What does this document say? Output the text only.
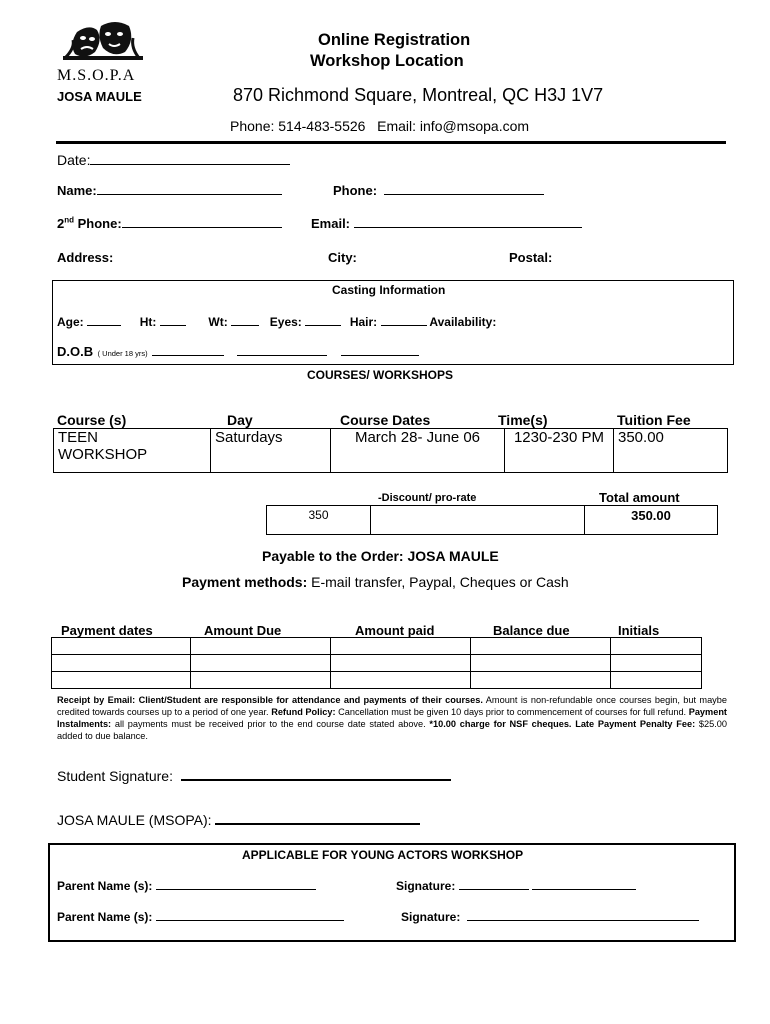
M.S.O.P.A
Online Registration
Workshop Location
JOSA MAULE	870 Richmond Square, Montreal, QC H3J 1V7
Phone: 514-483-5526   Email: info@msopa.com
Date:
Name:	Phone:
2nd Phone:	Email:
Address:	City:	Postal:
Casting Information
Age:	Ht:	Wt:	Eyes:	Hair:	Availability:
D.O.B ( Under 18 yrs)
COURSES/ WORKSHOPS
Course (s)	Day	Course Dates	Time(s)	Tuition Fee
TEEN
WORKSHOP	Saturdays	March 28- June 06	1230-230 PM	350.00
-Discount/ pro-rate	Total amount
350		350.00
Payable to the Order: JOSA MAULE
Payment methods: E-mail transfer, Paypal, Cheques or Cash
Payment dates	Amount Due	Amount paid	Balance due	Initials

Receipt by Email: Client/Student are responsible for attendance and payments of their courses. Amount is non-refundable once courses begin, but maybe credited towards courses up to a period of one year. Refund Policy: Cancellation must be given 10 days prior to commencement of courses for full refund. Payment Instalments: all payments must be received prior to the end course date stated above. *10.00 charge for NSF cheques. Late Payment Penalty Fee: $25.00 added to due balance.
Student Signature:
JOSA MAULE (MSOPA):
APPLICABLE FOR YOUNG ACTORS WORKSHOP
Parent Name (s):	Signature:
Parent Name (s):	Signature:
